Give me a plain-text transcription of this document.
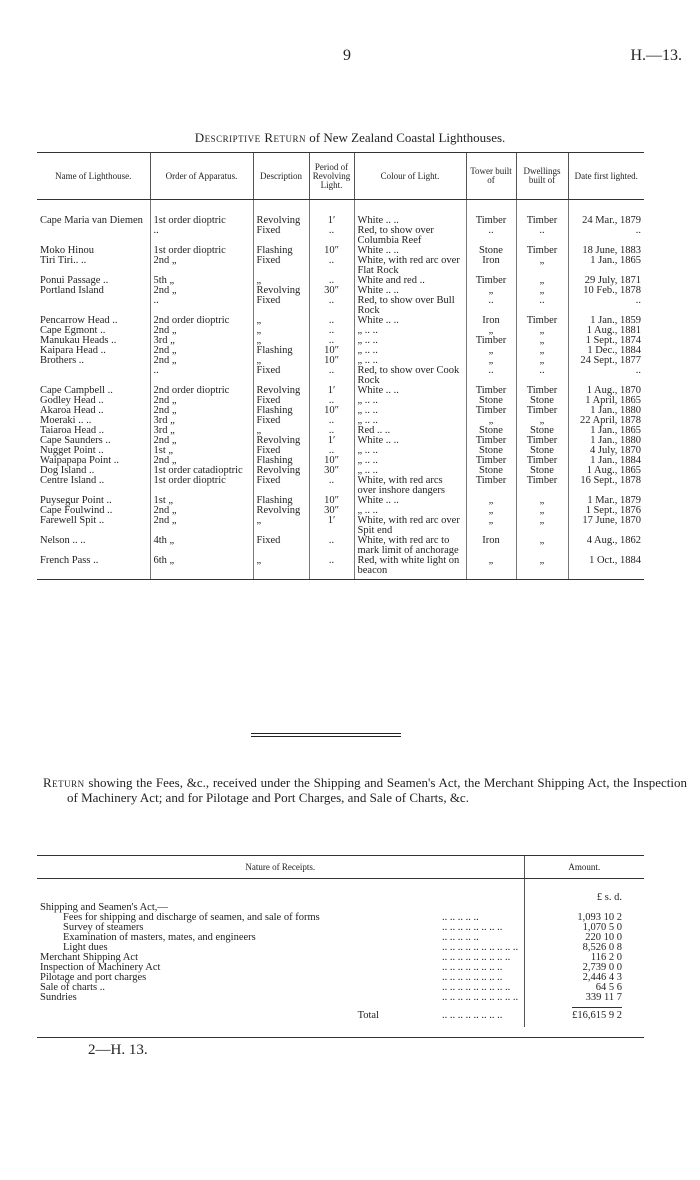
9	H.—13.
Descriptive Return of New Zealand Coastal Lighthouses.
Name of Lighthouse.	Order of Apparatus.	Description	Period of Revolving Light.	Colour of Light.	Tower built of	Dwellings built of	Date first lighted.
Cape Maria van Diemen	1st order dioptric	Revolving	1′	White .. ..	Timber	Timber	24 Mar., 1879
	..	Fixed	..	Red, to show over Columbia Reef	..	..	..
Moko Hinou	1st order dioptric	Flashing	10″	White .. ..	Stone	Timber	18 June, 1883
Tiri Tiri.. ..	2nd „	Fixed	..	White, with red arc over Flat Rock	Iron	„	1 Jan., 1865
Ponui Passage ..	5th „	„	..	White and red ..	Timber	„	29 July, 1871
Portland Island	2nd „	Revolving	30″	White .. ..	„	„	10 Feb., 1878
	..	Fixed	..	Red, to show over Bull Rock	..	..	..
Pencarrow Head ..	2nd order dioptric	„	..	White .. ..	Iron	Timber	1 Jan., 1859
Cape Egmont ..	2nd „	„	..	„ .. ..	„	„	1 Aug., 1881
Manukau Heads ..	3rd „	„	..	„ .. ..	Timber	„	1 Sept., 1874
Kaipara Head ..	2nd „	Flashing	10″	„ .. ..	„	„	1 Dec., 1884
Brothers ..	2nd „	„	10″	„ .. ..	„	„	24 Sept., 1877
	..	Fixed	..	Red, to show over Cook Rock	..	..	..
Cape Campbell ..	2nd order dioptric	Revolving	1′	White .. ..	Timber	Timber	1 Aug., 1870
Godley Head ..	2nd „	Fixed	..	„ .. ..	Stone	Stone	1 April, 1865
Akaroa Head ..	2nd „	Flashing	10″	„ .. ..	Timber	Timber	1 Jan., 1880
Moeraki .. ..	3rd „	Fixed	..	„ .. ..	„	„	22 April, 1878
Taiaroa Head ..	3rd „	„	..	Red .. ..	Stone	Stone	1 Jan., 1865
Cape Saunders ..	2nd „	Revolving	1′	White .. ..	Timber	Timber	1 Jan., 1880
Nugget Point ..	1st „	Fixed	..	„ .. ..	Stone	Stone	4 July, 1870
Waipapapa Point ..	2nd „	Flashing	10″	„ .. ..	Timber	Timber	1 Jan., 1884
Dog Island ..	1st order catadioptric	Revolving	30″	„ .. ..	Stone	Stone	1 Aug., 1865
Centre Island ..	1st order dioptric	Fixed	..	White, with red arcs over inshore dangers	Timber	Timber	16 Sept., 1878
Puysegur Point ..	1st „	Flashing	10″	White .. ..	„	„	1 Mar., 1879
Cape Foulwind ..	2nd „	Revolving	30″	„ .. ..	„	„	1 Sept., 1876
Farewell Spit ..	2nd „	„	1′	White, with red arc over Spit end	„	„	17 June, 1870
Nelson .. ..	4th „	Fixed	..	White, with red arc to mark limit of anchorage	Iron	„	4 Aug., 1862
French Pass ..	6th „	„	..	Red, with white light on beacon	„	„	1 Oct., 1884
Return showing the Fees, &c., received under the Shipping and Seamen's Act, the Merchant Shipping Act, the Inspection of Machinery Act; and for Pilotage and Port Charges, and Sale of Charts, &c.
Nature of Receipts.		Amount.
		£ s. d.
Shipping and Seamen's Act,—		
Fees for shipping and discharge of seamen, and sale of forms	.. .. .. .. ..	1,093 10 2
Survey of steamers	.. .. .. .. .. .. .. ..	1,070 5 0
Examination of masters, mates, and engineers	.. .. .. .. ..	220 10 0
Light dues	.. .. .. .. .. .. .. .. .. ..	8,526 0 8
Merchant Shipping Act	.. .. .. .. .. .. .. .. ..	116 2 0
Inspection of Machinery Act	.. .. .. .. .. .. .. ..	2,739 0 0
Pilotage and port charges	.. .. .. .. .. .. .. ..	2,446 4 3
Sale of charts ..	.. .. .. .. .. .. .. .. ..	64 5 6
Sundries	.. .. .. .. .. .. .. .. .. ..	339 11 7
Total	.. .. .. .. .. .. .. ..	£16,615 9 2
2—H. 13.
